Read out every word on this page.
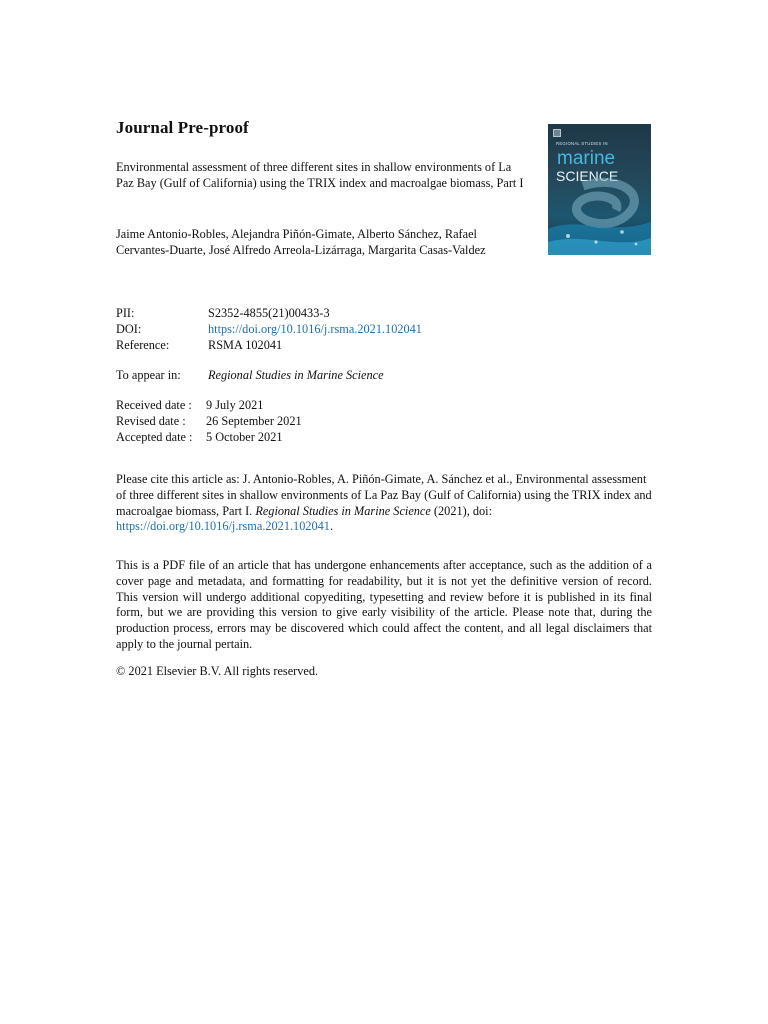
Journal Pre-proof
Environmental assessment of three different sites in shallow environments of La Paz Bay (Gulf of California) using the TRIX index and macroalgae biomass, Part I
Jaime Antonio-Robles, Alejandra Piñón-Gimate, Alberto Sánchez, Rafael Cervantes-Duarte, José Alfredo Arreola-Lizárraga, Margarita Casas-Valdez
REGIONAL STUDIES IN
marine
SCIENCE
PII:	S2352-4855(21)00433-3
DOI:	https://doi.org/10.1016/j.rsma.2021.102041
Reference:	RSMA 102041
To appear in: Regional Studies in Marine Science
Received date : 9 July 2021
Revised date : 26 September 2021
Accepted date : 5 October 2021
Please cite this article as: J. Antonio-Robles, A. Piñón-Gimate, A. Sánchez et al., Environmental assessment of three different sites in shallow environments of La Paz Bay (Gulf of California) using the TRIX index and macroalgae biomass, Part I. Regional Studies in Marine Science (2021), doi: https://doi.org/10.1016/j.rsma.2021.102041.
This is a PDF file of an article that has undergone enhancements after acceptance, such as the addition of a cover page and metadata, and formatting for readability, but it is not yet the definitive version of record. This version will undergo additional copyediting, typesetting and review before it is published in its final form, but we are providing this version to give early visibility of the article. Please note that, during the production process, errors may be discovered which could affect the content, and all legal disclaimers that apply to the journal pertain.
© 2021 Elsevier B.V. All rights reserved.
